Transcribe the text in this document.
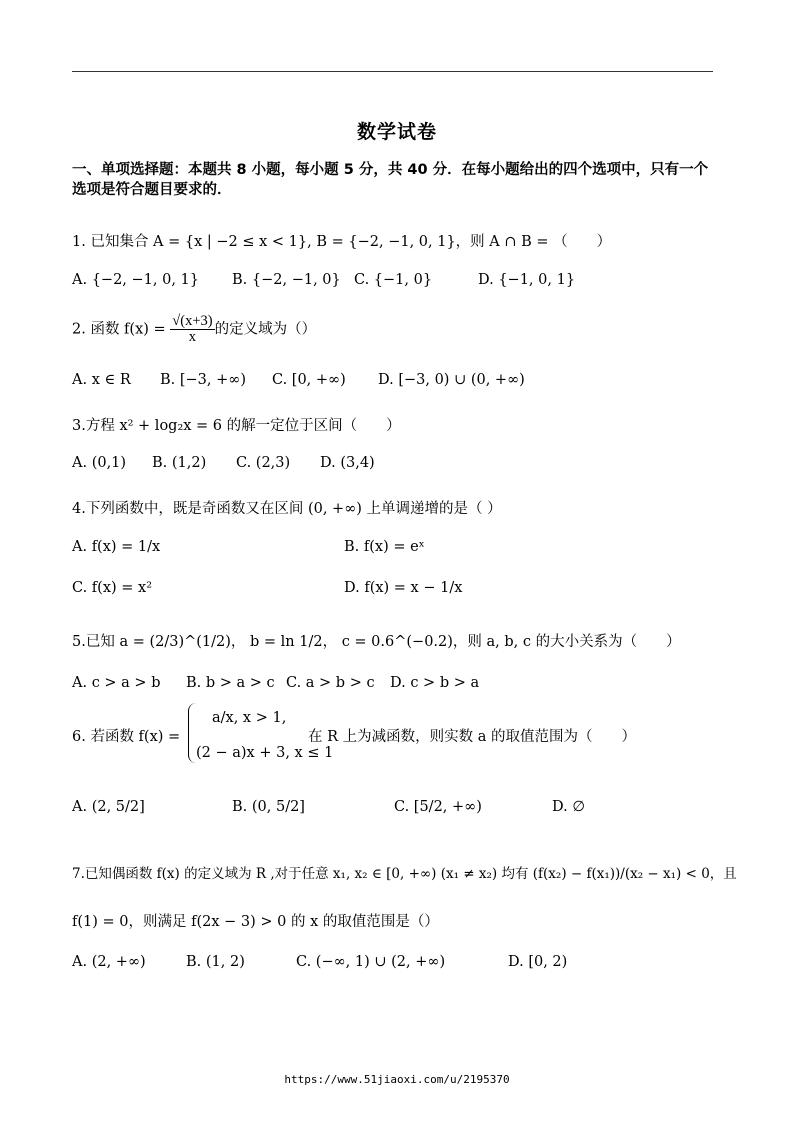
数学试卷
一、单项选择题：本题共 8 小题，每小题 5 分，共 40 分．在每小题给出的四个选项中，只有一个选项是符合题目要求的．
1. 已知集合 A = {x | −2 ≤ x < 1}, B = {−2, −1, 0, 1}，则 A ∩ B = （　　）
A. {−2, −1, 0, 1} B. {−2, −1, 0} C. {−1, 0}	D. {−1, 0, 1}
2. 函数 $f(x) = \frac{√(x+3)}{x}$ 的定义域为（）
A. x ∈ R B. [−3, +∞) C. [0, +∞) D. [−3, 0) ∪ (0, +∞)
3.方程 x² + log₂x = 6 的解一定位于区间（　　）
A. (0,1) B. (1,2) C. (2,3) D. (3,4)
4.下列函数中，既是奇函数又在区间 (0, +∞) 上单调递增的是（ ）
A. f(x) = 1/x	B. f(x) = eˣ
C. f(x) = x²	D. f(x) = x − 1/x
5.已知 a = (2/3)^(1/2)， b = ln 1/2， c = 0.6^(−0.2)，则 a, b, c 的大小关系为（　　）
A. c > a > b B. b > a > c C. a > b > c D. c > b > a
6. 若函数 f(x) =
a/x, x > 1,
(2 − a)x + 3, x ≤ 1
在 R 上为减函数，则实数 a 的取值范围为（　　）
A. (2, 5/2]	B. (0, 5/2]	C. [5/2, +∞)	D. ∅
7.已知偶函数 f(x) 的定义域为 R ,对于任意 x₁, x₂ ∈ [0, +∞) (x₁ ≠ x₂) 均有 (f(x₂) − f(x₁))/(x₂ − x₁) < 0，且
f(1) = 0，则满足 f(2x − 3) > 0 的 x 的取值范围是（）
A. (2, +∞)	B. (1, 2)	C. (−∞, 1) ∪ (2, +∞)	D. [0, 2)
https://www.51jiaoxi.com/u/2195370
